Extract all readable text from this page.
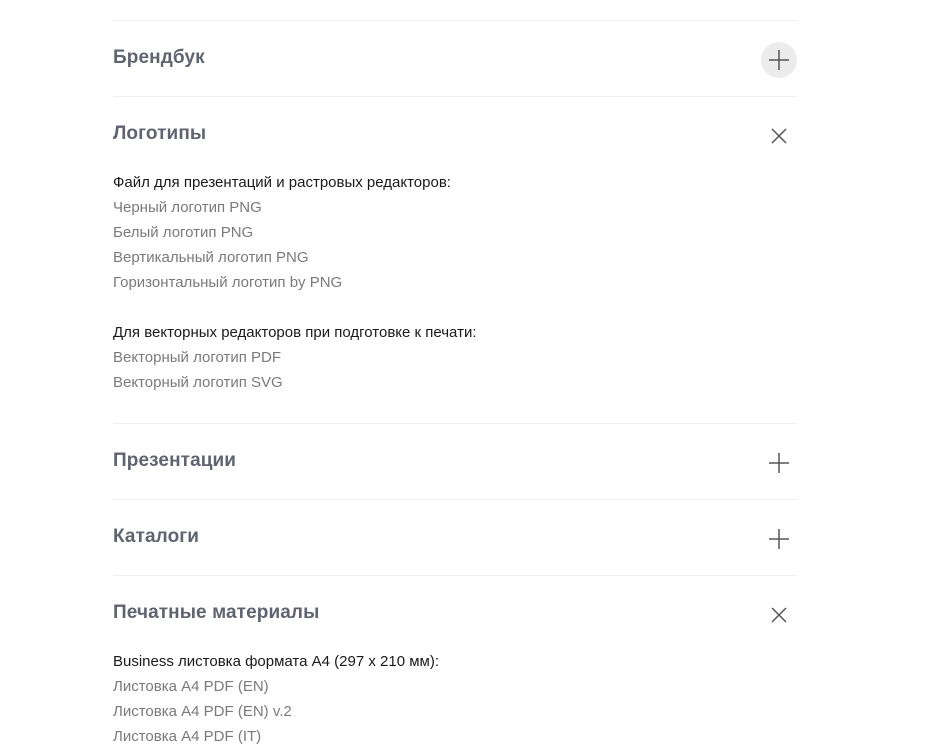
Брендбук
Логотипы
Файл для презентаций и растровых редакторов:
Черный логотип PNG
Белый логотип PNG
Вертикальный логотип PNG
Горизонтальный логотип by PNG
Для векторных редакторов при подготовке к печати:
Векторный логотип PDF
Векторный логотип SVG
Презентации
Каталоги
Печатные материалы
Business листовка формата А4 (297 х 210 мм):
Листовка А4 PDF (EN)
Листовка А4 PDF (EN) v.2
Листовка А4 PDF (IT)
